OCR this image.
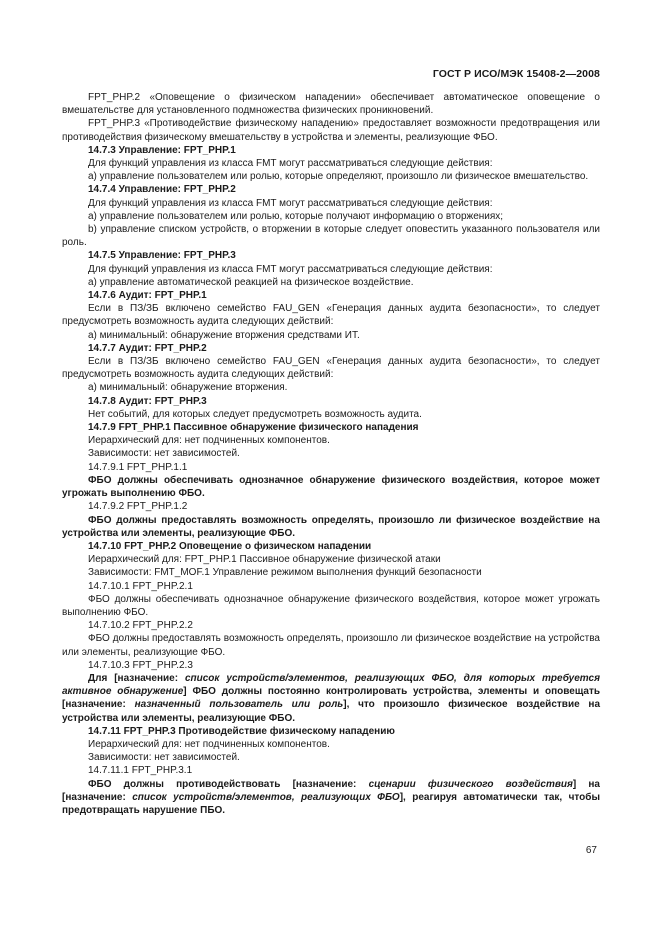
ГОСТ Р ИСО/МЭК 15408-2—2008

FPT_PHP.2 «Оповещение о физическом нападении» обеспечивает автоматическое оповещение о вмешательстве для установленного подмножества физических проникновений.

FPT_PHP.3 «Противодействие физическому нападению» предоставляет возможности предотвращения или противодействия физическому вмешательству в устройства и элементы, реализующие ФБО.

14.7.3 Управление: FPT_PHP.1

Для функций управления из класса FMT могут рассматриваться следующие действия:

a) управление пользователем или ролью, которые определяют, произошло ли физическое вмешательство.

14.7.4 Управление: FPT_PHP.2

Для функций управления из класса FMT могут рассматриваться следующие действия:

a) управление пользователем или ролью, которые получают информацию о вторжениях;

b) управление списком устройств, о вторжении в которые следует оповестить указанного пользователя или роль.

14.7.5 Управление: FPT_PHP.3

Для функций управления из класса FMT могут рассматриваться следующие действия:

a) управление автоматической реакцией на физическое воздействие.

14.7.6 Аудит: FPT_PHP.1

Если в ПЗ/ЗБ включено семейство FAU_GEN «Генерация данных аудита безопасности», то следует предусмотреть возможность аудита следующих действий:

a) минимальный: обнаружение вторжения средствами ИТ.

14.7.7 Аудит: FPT_PHP.2

Если в ПЗ/ЗБ включено семейство FAU_GEN «Генерация данных аудита безопасности», то следует предусмотреть возможность аудита следующих действий:

a) минимальный: обнаружение вторжения.

14.7.8 Аудит: FPT_PHP.3

Нет событий, для которых следует предусмотреть возможность аудита.

14.7.9 FPT_PHP.1 Пассивное обнаружение физического нападения

Иерархический для: нет подчиненных компонентов.

Зависимости: нет зависимостей.

14.7.9.1 FPT_PHP.1.1

ФБО должны обеспечивать однозначное обнаружение физического воздействия, которое может угрожать выполнению ФБО.

14.7.9.2 FPT_PHP.1.2

ФБО должны предоставлять возможность определять, произошло ли физическое воздействие на устройства или элементы, реализующие ФБО.

14.7.10 FPT_PHP.2 Оповещение о физическом нападении

Иерархический для: FPT_PHP.1 Пассивное обнаружение физической атаки

Зависимости: FMT_MOF.1 Управление режимом выполнения функций безопасности

14.7.10.1 FPT_PHP.2.1

ФБО должны обеспечивать однозначное обнаружение физического воздействия, которое может угрожать выполнению ФБО.

14.7.10.2 FPT_PHP.2.2

ФБО должны предоставлять возможность определять, произошло ли физическое воздействие на устройства или элементы, реализующие ФБО.

14.7.10.3 FPT_PHP.2.3

Для [назначение: список устройств/элементов, реализующих ФБО, для которых требуется активное обнаружение] ФБО должны постоянно контролировать устройства, элементы и оповещать [назначение: назначенный пользователь или роль], что произошло физическое воздействие на устройства или элементы, реализующие ФБО.

14.7.11 FPT_PHP.3 Противодействие физическому нападению

Иерархический для: нет подчиненных компонентов.

Зависимости: нет зависимостей.

14.7.11.1 FPT_PHP.3.1

ФБО должны противодействовать [назначение: сценарии физического воздействия] на [назначение: список устройств/элементов, реализующих ФБО], реагируя автоматически так, чтобы предотвращать нарушение ПБО.

67
